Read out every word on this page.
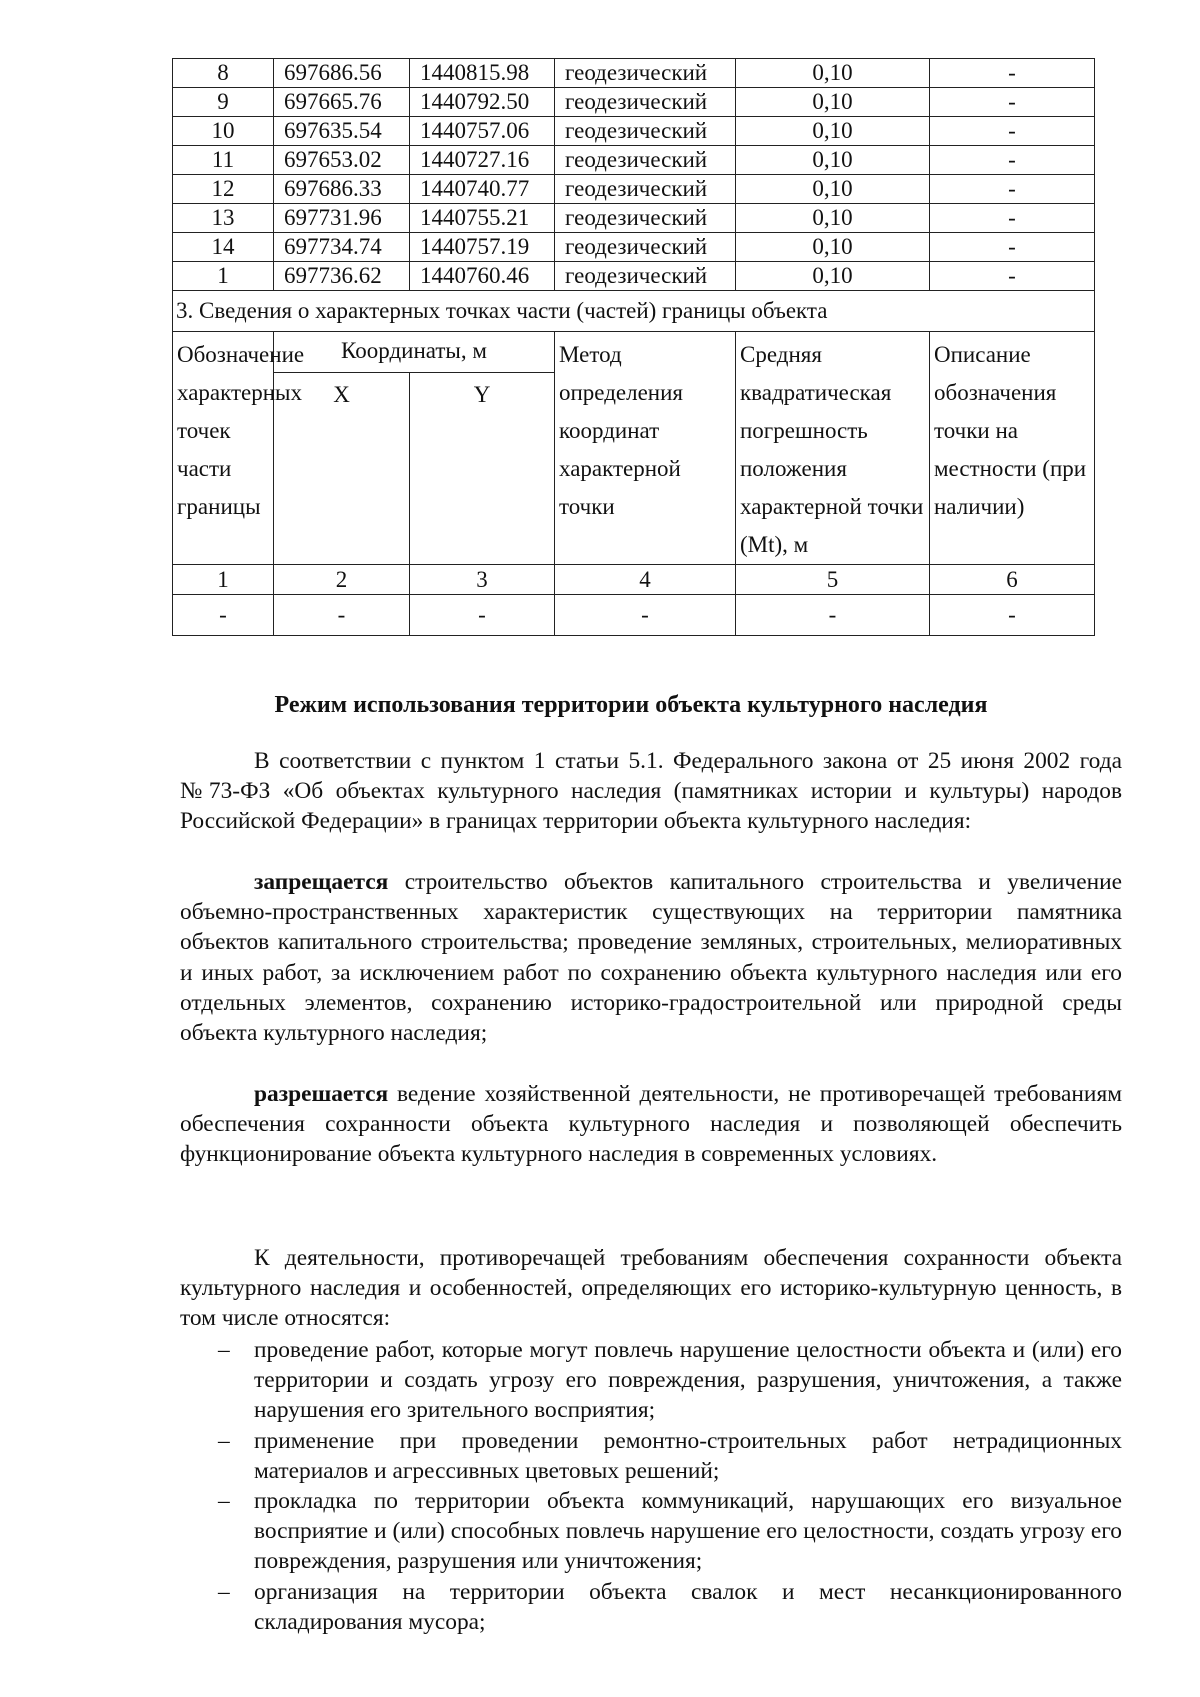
8	697686.56	1440815.98	геодезический	0,10	-
9	697665.76	1440792.50	геодезический	0,10	-
10	697635.54	1440757.06	геодезический	0,10	-
11	697653.02	1440727.16	геодезический	0,10	-
12	697686.33	1440740.77	геодезический	0,10	-
13	697731.96	1440755.21	геодезический	0,10	-
14	697734.74	1440757.19	геодезический	0,10	-
1	697736.62	1440760.46	геодезический	0,10	-
3. Сведения о характерных точках части (частей) границы объекта					
Обозначение характерных точек части границы	Координаты, м		Метод определения координат характерной точки	Средняя квадратическая погрешность положения характерной точки (Mt), м	Описание обозначения точки на местности (при наличии)
	X	Y			
1	2	3	4	5	6
-	-	-	-	-	-
Режим использования территории объекта культурного наследия

В соответствии с пунктом 1 статьи 5.1. Федерального закона от 25 июня 2002 года №73-ФЗ «Об объектах культурного наследия (памятниках истории и культуры) народов Российской Федерации» в границах территории объекта культурного наследия:

запрещается строительство объектов капитального строительства и увеличение объемно-пространственных характеристик существующих на территории памятника объектов капитального строительства; проведение земляных, строительных, мелиоративных и иных работ, за исключением работ по сохранению объекта культурного наследия или его отдельных элементов, сохранению историко-градостроительной или природной среды объекта культурного наследия;

разрешается ведение хозяйственной деятельности, не противоречащей требованиям обеспечения сохранности объекта культурного наследия и позволяющей обеспечить функционирование объекта культурного наследия в современных условиях.

К деятельности, противоречащей требованиям обеспечения сохранности объекта культурного наследия и особенностей, определяющих его историко-культурную ценность, в том числе относятся:

– проведение работ, которые могут повлечь нарушение целостности объекта и (или) его территории и создать угрозу его повреждения, разрушения, уничтожения, а также нарушения его зрительного восприятия;
– применение при проведении ремонтно-строительных работ нетрадиционных материалов и агрессивных цветовых решений;
– прокладка по территории объекта коммуникаций, нарушающих его визуальное восприятие и (или) способных повлечь нарушение его целостности, создать угрозу его повреждения, разрушения или уничтожения;
– организация на территории объекта свалок и мест несанкционированного складирования мусора;
